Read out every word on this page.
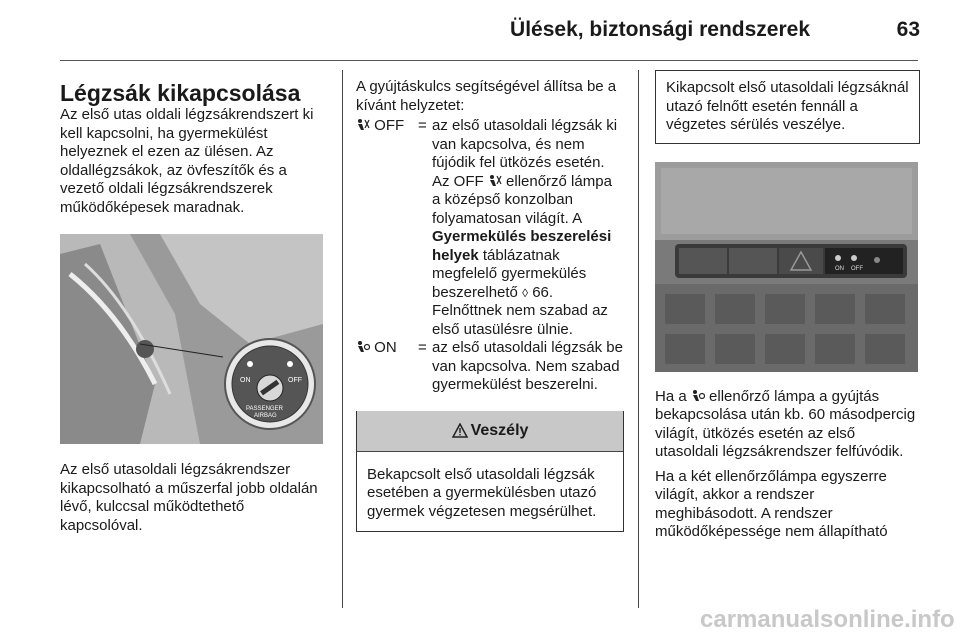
Ülések, biztonsági rendszerek	63
Légzsák kikapcsolása

Az első utas oldali légzsákrendszert ki kell kapcsolni, ha gyermekülést helyeznek el ezen az ülésen. Az oldallégzsákok, az övfeszítők és a vezető oldali légzsákrendszerek működőképesek maradnak.

ON	OFF
PASSENGER
AIRBAG

Az első utasoldali légzsákrendszer kikapcsolható a műszerfal jobb oldalán lévő, kulccsal működtethető kapcsolóval.

A gyújtáskulcs segítségével állítsa be a kívánt helyzetet:

OFF = az első utasoldali légzsák ki van kapcsolva, és nem fújódik fel ütközés esetén. Az OFF ellenőrző lámpa a középső konzolban folyamatosan világít. A Gyermekülés beszerelési helyek táblázatnak megfelelő gyermekülés beszerelhető ◊ 66. Felnőttnek nem szabad az első utasülésre ülnie.
ON	= az első utasoldali légzsák be van kapcsolva. Nem szabad gyermekülést beszerelni.
Veszély
Bekapcsolt első utasoldali légzsák esetében a gyermekülésben utazó gyermek végzetesen megsérülhet.
Kikapcsolt első utasoldali légzsáknál utazó felnőtt esetén fennáll a végzetes sérülés veszélye.
ON OFF

Ha a ellenőrző lámpa a gyújtás bekapcsolása után kb. 60 másodpercig világít, ütközés esetén az első utasoldali légzsákrendszer felfúvódik.

Ha a két ellenőrzőlámpa egyszerre világít, akkor a rendszer meghibásodott. A rendszer működőképessége nem állapítható

carmanualsonline.info
